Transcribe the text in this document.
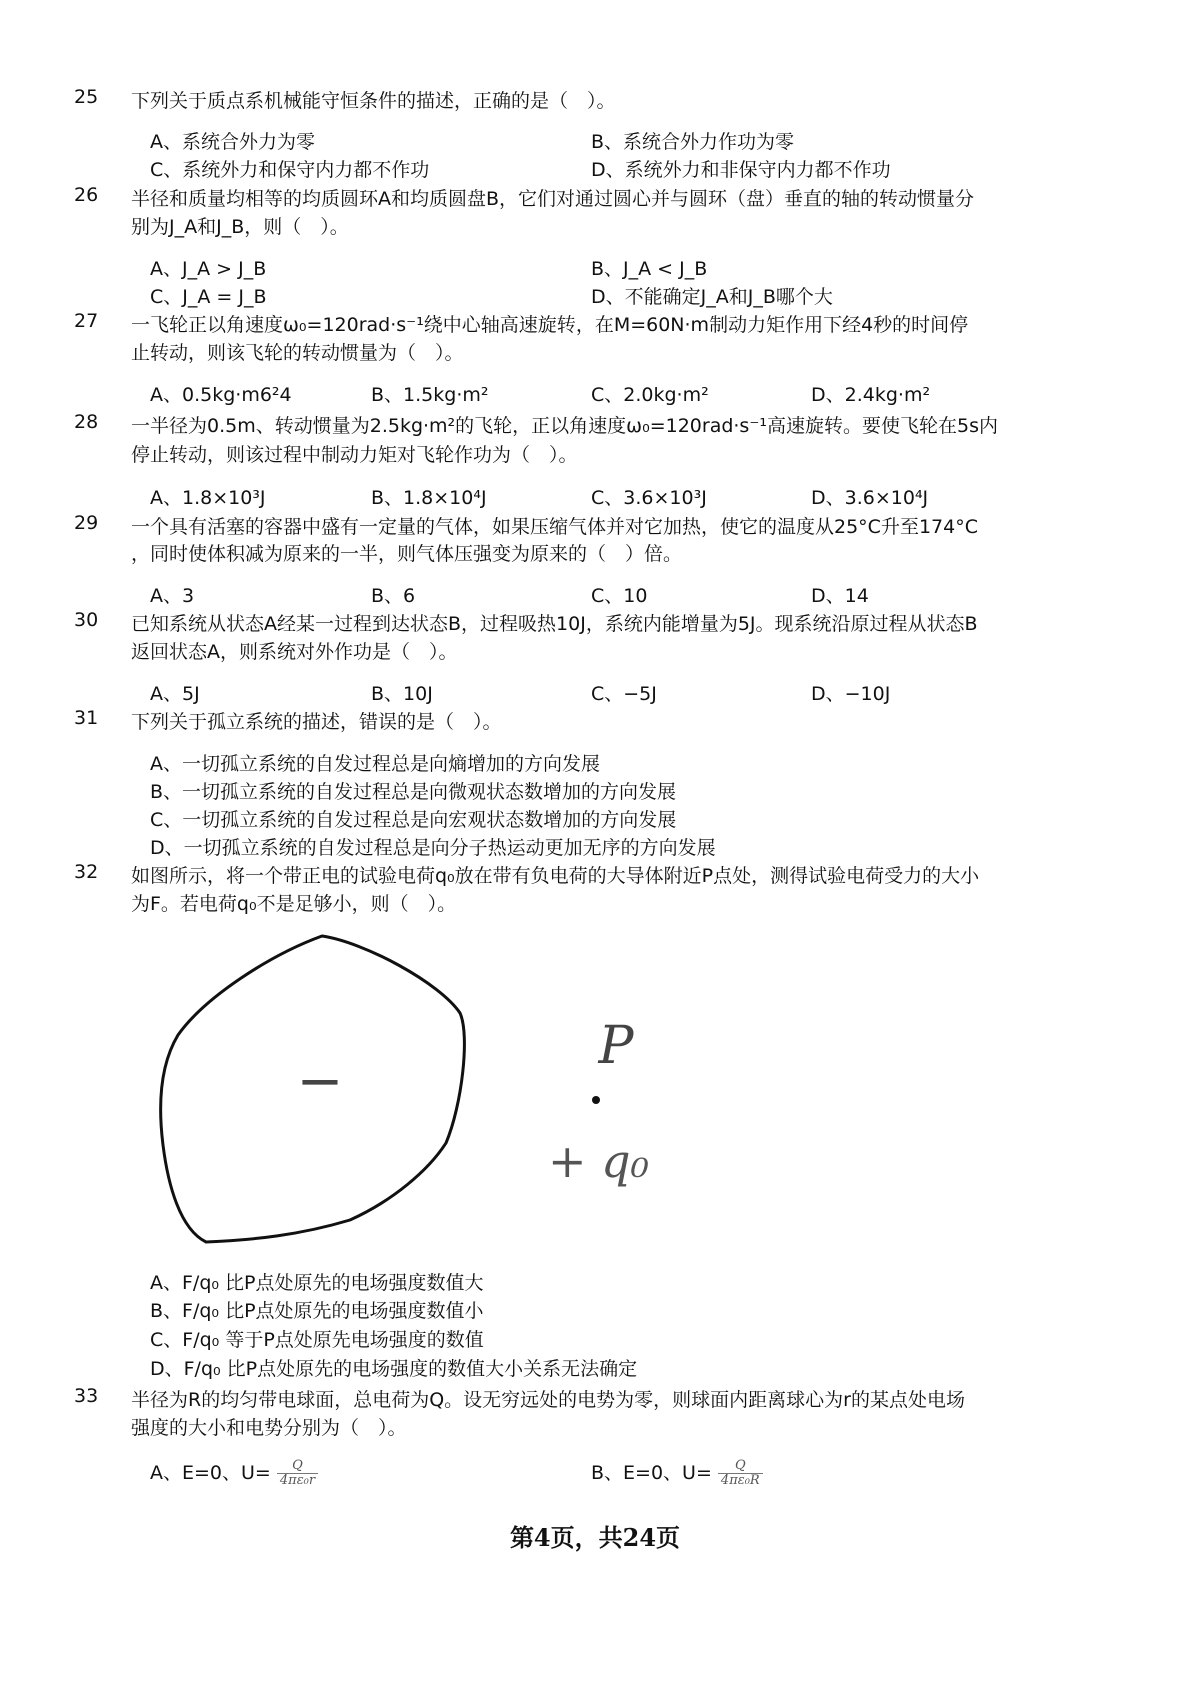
25 下列关于质点系机械能守恒条件的描述，正确的是（　）。
A、系统合外力为零	B、系统合外力作功为零
C、系统外力和保守内力都不作功	D、系统外力和非保守内力都不作功
26 半径和质量均相等的均质圆环A和均质圆盘B，它们对通过圆心并与圆环（盘）垂直的轴的转动惯量分
别为J_A和J_B，则（　）。
A、J_A > J_B	B、J_A < J_B
C、J_A = J_B	D、不能确定J_A和J_B哪个大
27 一飞轮正以角速度ω₀=120rad·s⁻¹绕中心轴高速旋转，在M=60N·m制动力矩作用下经4秒的时间停
止转动，则该飞轮的转动惯量为（　）。
A、0.5kg·m6²4	B、1.5kg·m²	C、2.0kg·m²	D、2.4kg·m²
28 一半径为0.5m、转动惯量为2.5kg·m²的飞轮，正以角速度ω₀=120rad·s⁻¹高速旋转。要使飞轮在5s内
停止转动，则该过程中制动力矩对飞轮作功为（　）。
A、1.8×10³J	B、1.8×10⁴J	C、3.6×10³J	D、3.6×10⁴J
29 一个具有活塞的容器中盛有一定量的气体，如果压缩气体并对它加热，使它的温度从25°C升至174°C
，同时使体积减为原来的一半，则气体压强变为原来的（　）倍。
A、3	B、6	C、10	D、14
30 已知系统从状态A经某一过程到达状态B，过程吸热10J，系统内能增量为5J。现系统沿原过程从状态B
返回状态A，则系统对外作功是（　）。
A、5J	B、10J	C、−5J	D、−10J
31 下列关于孤立系统的描述，错误的是（　）。
A、一切孤立系统的自发过程总是向熵增加的方向发展
B、一切孤立系统的自发过程总是向微观状态数增加的方向发展
C、一切孤立系统的自发过程总是向宏观状态数增加的方向发展
D、一切孤立系统的自发过程总是向分子热运动更加无序的方向发展
32 如图所示，将一个带正电的试验电荷q₀放在带有负电荷的大导体附近P点处，测得试验电荷受力的大小
为F。若电荷q₀不是足够小，则（　）。
−
P
+ q₀
A、F/q₀ 比P点处原先的电场强度数值大
B、F/q₀ 比P点处原先的电场强度数值小
C、F/q₀ 等于P点处原先电场强度的数值
D、F/q₀ 比P点处原先的电场强度的数值大小关系无法确定
33 半径为R的均匀带电球面，总电荷为Q。设无穷远处的电势为零，则球面内距离球心为r的某点处电场
强度的大小和电势分别为（　）。
A、E=0、$U= \frac{Q}{\text{4πε₀r}}$	B、E=0、$U= \frac{Q}{\text{4πε₀R}}$
第4页，共24页
